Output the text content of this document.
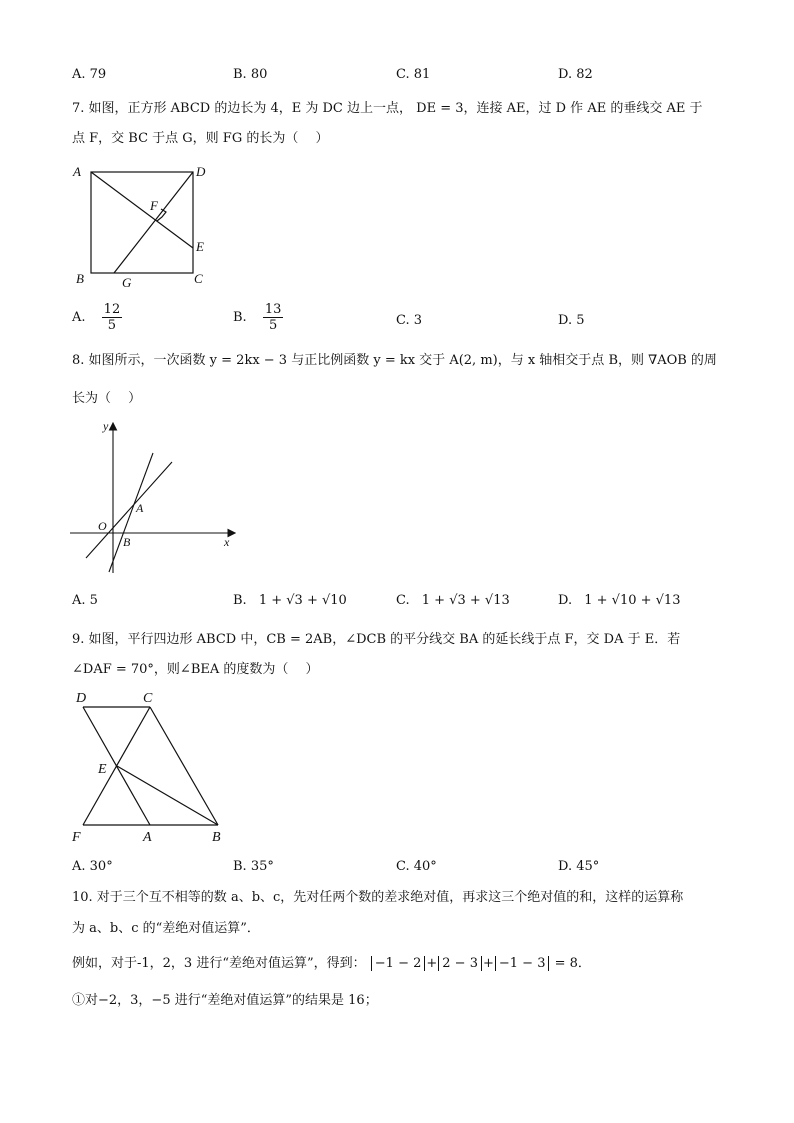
A. 79	B. 80	C. 81	D. 82
7. 如图，正方形 ABCD 的边长为 4，E 为 DC 边上一点， DE = 3，连接 AE，过 D 作 AE 的垂线交 AE 于
点 F，交 BC 于点 G，则 FG 的长为（　 ）
A	D
F
E
B	G	C
A. $\frac{12}{5}$	B. $\frac{13}{5}$	C. 3	D. 5
8. 如图所示，一次函数 y = 2kx − 3 与正比例函数 y = kx 交于 A(2, m)，与 x 轴相交于点 B，则 ∇AOB 的周
长为（　 ）
y
A
O
B	x
A. 5	B. 1 + √3 + √10	C. 1 + √3 + √13	D. 1 + √10 + √13
9. 如图，平行四边形 ABCD 中，CB = 2AB，∠DCB 的平分线交 BA 的延长线于点 F，交 DA 于 E．若
∠DAF = 70°，则∠BEA 的度数为（　 ）
D	C
E
F	A	B
A. 30°	B. 35°	C. 40°	D. 45°
10. 对于三个互不相等的数 a、b、c，先对任两个数的差求绝对值，再求这三个绝对值的和，这样的运算称
为 a、b、c 的“差绝对值运算”．
例如，对于-1，2，3 进行“差绝对值运算”，得到： −1 − 2 + 2 − 3 + −1 − 3 = 8．
①对−2，3，−5 进行“差绝对值运算”的结果是 16；
